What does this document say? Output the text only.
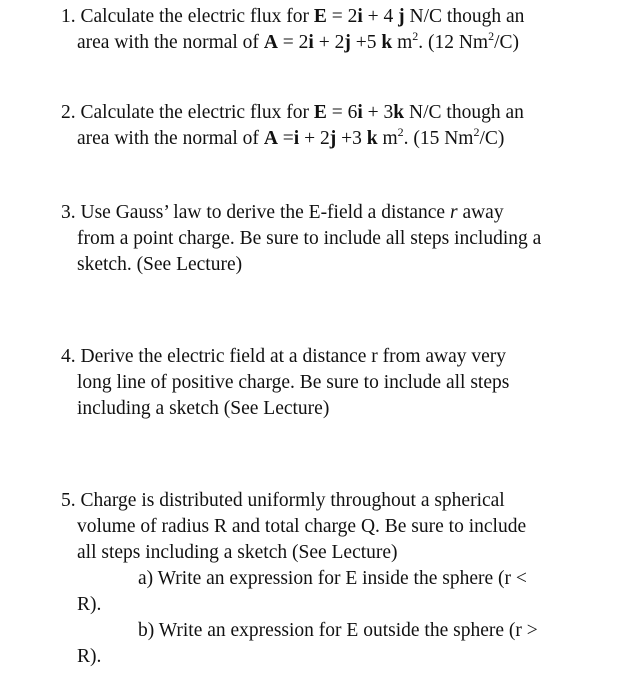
1. Calculate the electric flux for E = 2i + 4 j N/C though an
area with the normal of A = 2i + 2j +5 k $m^2$. (12 Nm$^2$/C)
2. Calculate the electric flux for E = 6i + 3k N/C though an
area with the normal of A =i + 2j +3 k $m^2$. (15 Nm$^2$/C)
3. Use Gauss’ law to derive the E-field a distance r away
from a point charge. Be sure to include all steps including a
sketch. (See Lecture)
4. Derive the electric field at a distance r from away very
long line of positive charge. Be sure to include all steps
including a sketch (See Lecture)
5. Charge is distributed uniformly throughout a spherical
volume of radius R and total charge Q. Be sure to include
all steps including a sketch (See Lecture)
a) Write an expression for E inside the sphere (r <
R).
b) Write an expression for E outside the sphere (r >
R).
